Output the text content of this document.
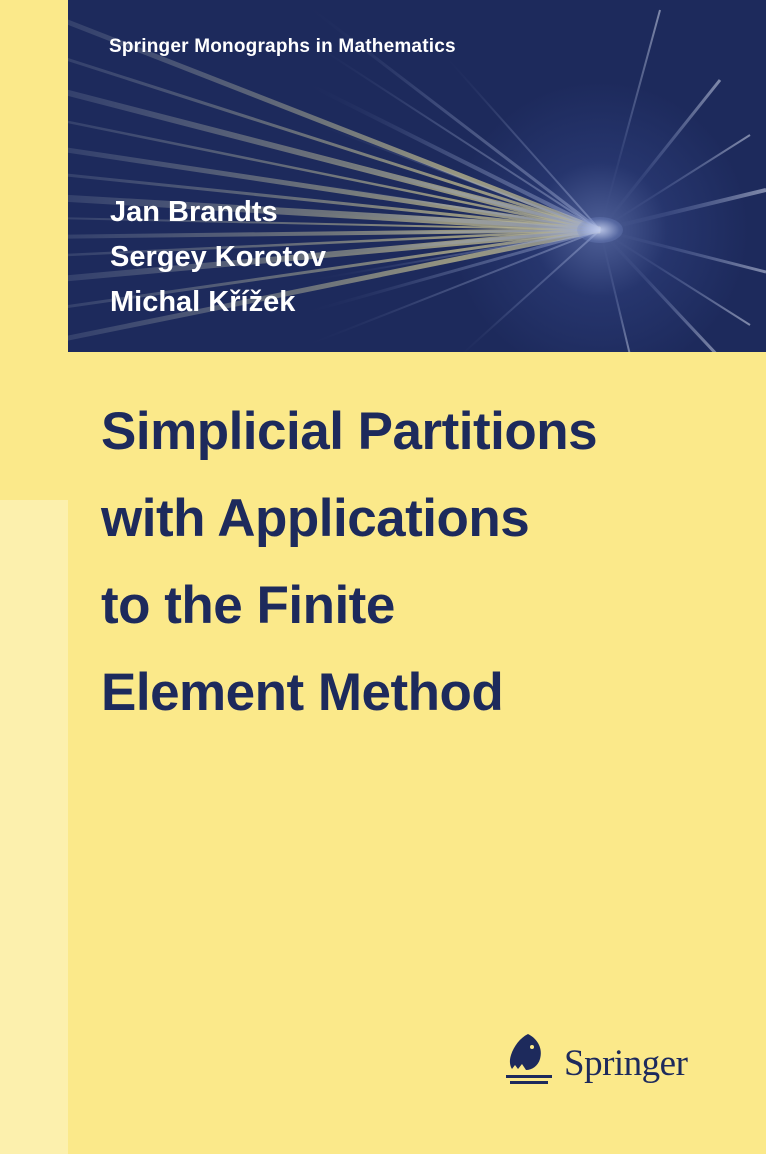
Springer Monographs in Mathematics
Jan Brandts
Sergey Korotov
Michal Křížek
Simplicial Partitions
with Applications
to the Finite
Element Method
Springer
